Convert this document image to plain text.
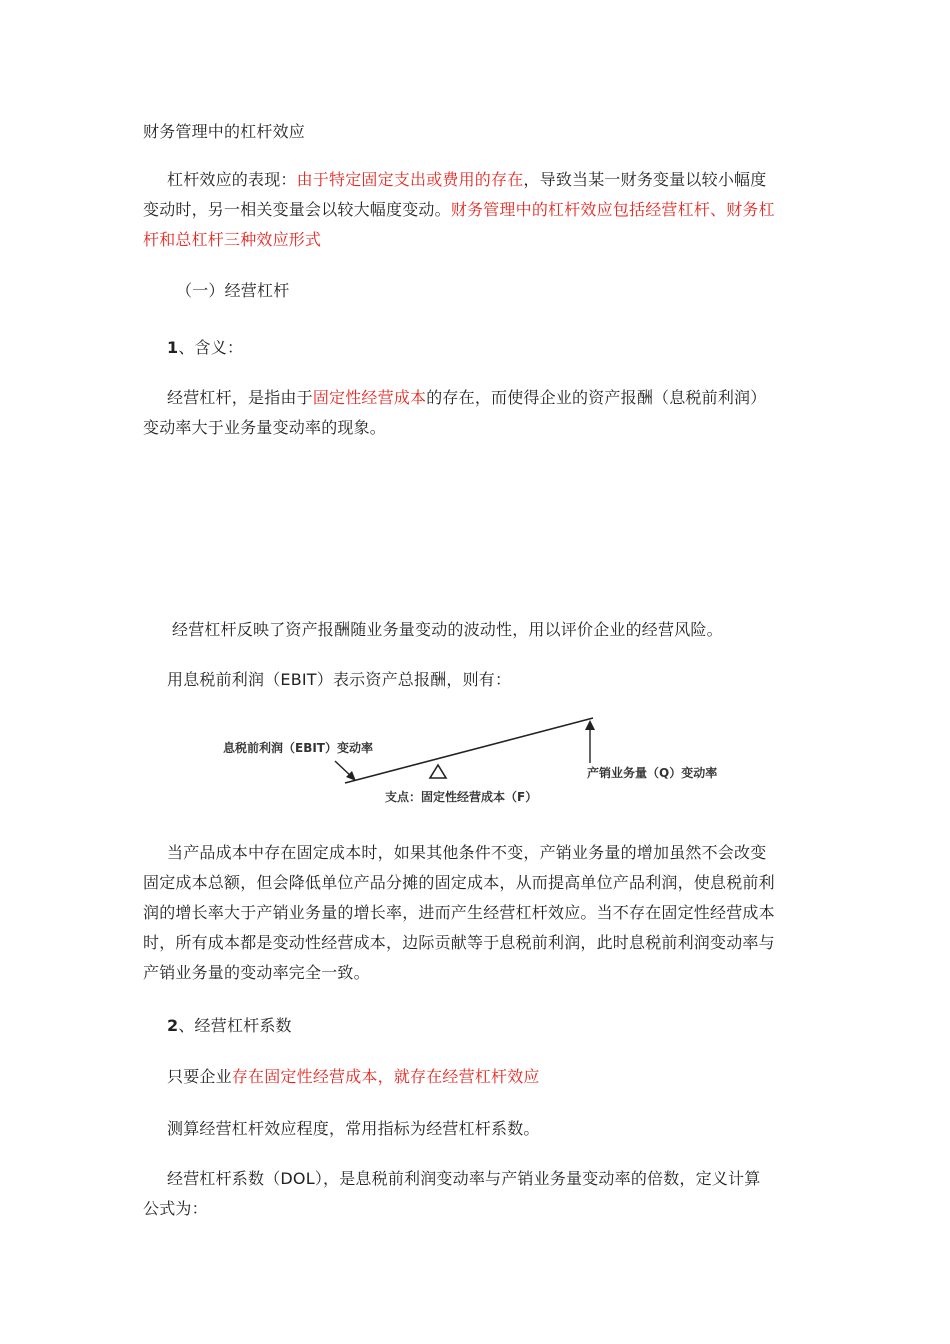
财务管理中的杠杆效应
杠杆效应的表现：由于特定固定支出或费用的存在，导致当某一财务变量以较小幅度
变动时，另一相关变量会以较大幅度变动。财务管理中的杠杆效应包括经营杠杆、财务杠
杆和总杠杆三种效应形式
（一）经营杠杆
1、含义：
经营杠杆，是指由于固定性经营成本的存在，而使得企业的资产报酬（息税前利润）
变动率大于业务量变动率的现象。
经营杠杆反映了资产报酬随业务量变动的波动性，用以评价企业的经营风险。
用息税前利润（EBIT）表示资产总报酬，则有：
息税前利润（EBIT）变动率
产销业务量（Q）变动率
支点：固定性经营成本（F）
当产品成本中存在固定成本时，如果其他条件不变，产销业务量的增加虽然不会改变
固定成本总额，但会降低单位产品分摊的固定成本，从而提高单位产品利润，使息税前利
润的增长率大于产销业务量的增长率，进而产生经营杠杆效应。当不存在固定性经营成本
时，所有成本都是变动性经营成本，边际贡献等于息税前利润，此时息税前利润变动率与
产销业务量的变动率完全一致。
2、经营杠杆系数
只要企业存在固定性经营成本，就存在经营杠杆效应
测算经营杠杆效应程度，常用指标为经营杠杆系数。
经营杠杆系数（DOL），是息税前利润变动率与产销业务量变动率的倍数，定义计算
公式为：
